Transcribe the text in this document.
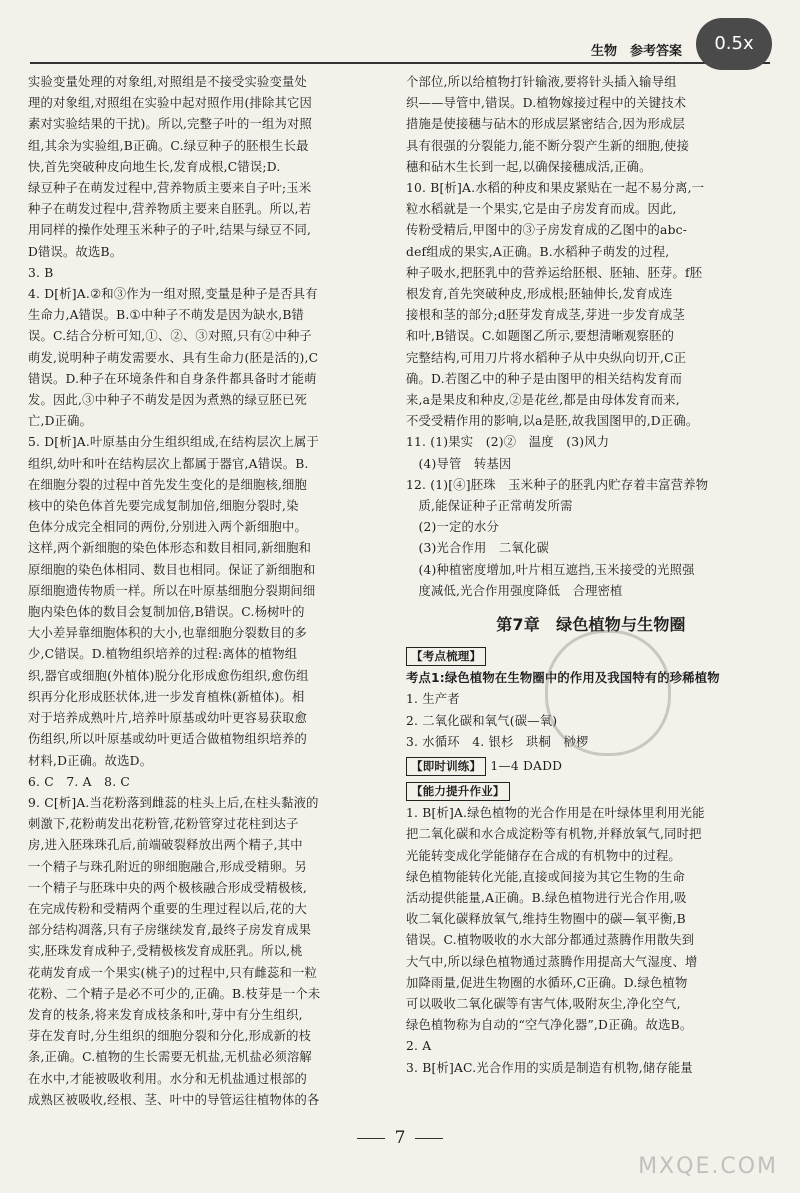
生物　参考答案	0.5x

实验变量处理的对象组,对照组是不接受实验变量处

理的对象组,对照组在实验中起对照作用(排除其它因

素对实验结果的干扰)。所以,完整子叶的一组为对照

组,其余为实验组,B正确。C.绿豆种子的胚根生长最

快,首先突破种皮向地生长,发育成根,C错误;D.

绿豆种子在萌发过程中,营养物质主要来自子叶;玉米

种子在萌发过程中,营养物质主要来自胚乳。所以,若

用同样的操作处理玉米种子的子叶,结果与绿豆不同,

D错误。故选B。

3. B

4. D[析]A.②和③作为一组对照,变量是种子是否具有

生命力,A错误。B.①中种子不萌发是因为缺水,B错

误。C.结合分析可知,①、②、③对照,只有②中种子

萌发,说明种子萌发需要水、具有生命力(胚是活的),C

错误。D.种子在环境条件和自身条件都具备时才能萌

发。因此,③中种子不萌发是因为煮熟的绿豆胚已死

亡,D正确。

5. D[析]A.叶原基由分生组织组成,在结构层次上属于

组织,幼叶和叶在结构层次上都属于器官,A错误。B.

在细胞分裂的过程中首先发生变化的是细胞核,细胞

核中的染色体首先要完成复制加倍,细胞分裂时,染

色体分成完全相同的两份,分别进入两个新细胞中。

这样,两个新细胞的染色体形态和数目相同,新细胞和

原细胞的染色体相同、数目也相同。保证了新细胞和

原细胞遗传物质一样。所以在叶原基细胞分裂期间细

胞内染色体的数目会复制加倍,B错误。C.杨树叶的

大小差异靠细胞体积的大小,也靠细胞分裂数目的多

少,C错误。D.植物组织培养的过程:离体的植物组

织,器官或细胞(外植体)脱分化形成愈伤组织,愈伤组

织再分化形成胚状体,进一步发育植株(新植体)。相

对于培养成熟叶片,培养叶原基或幼叶更容易获取愈

伤组织,所以叶原基或幼叶更适合做植物组织培养的

材料,D正确。故选D。

6. C　7. A　8. C

9. C[析]A.当花粉落到雌蕊的柱头上后,在柱头黏液的

刺激下,花粉萌发出花粉管,花粉管穿过花柱到达子

房,进入胚珠珠孔后,前端破裂释放出两个精子,其中

一个精子与珠孔附近的卵细胞融合,形成受精卵。另

一个精子与胚珠中央的两个极核融合形成受精极核,

在完成传粉和受精两个重要的生理过程以后,花的大

部分结构凋落,只有子房继续发育,最终子房发育成果

实,胚珠发育成种子,受精极核发育成胚乳。所以,桃

花萌发育成一个果实(桃子)的过程中,只有雌蕊和一粒

花粉、二个精子是必不可少的,正确。B.枝芽是一个未

发育的枝条,将来发育成枝条和叶,芽中有分生组织,

芽在发育时,分生组织的细胞分裂和分化,形成新的枝

条,正确。C.植物的生长需要无机盐,无机盐必须溶解

在水中,才能被吸收利用。水分和无机盐通过根部的

成熟区被吸收,经根、茎、叶中的导管运往植物体的各

个部位,所以给植物打针输液,要将针头插入输导组

织——导管中,错误。D.植物嫁接过程中的关键技术

措施是使接穗与砧木的形成层紧密结合,因为形成层

具有很强的分裂能力,能不断分裂产生新的细胞,使接

穗和砧木生长到一起,以确保接穗成活,正确。

10. B[析]A.水稻的种皮和果皮紧贴在一起不易分离,一

粒水稻就是一个果实,它是由子房发育而成。因此,

传粉受精后,甲图中的③子房发育成的乙图中的abc-

def组成的果实,A正确。B.水稻种子萌发的过程,

种子吸水,把胚乳中的营养运给胚根、胚轴、胚芽。f胚

根发育,首先突破种皮,形成根;胚轴伸长,发育成连

接根和茎的部分;d胚芽发育成茎,芽进一步发育成茎

和叶,B错误。C.如题图乙所示,要想清晰观察胚的

完整结构,可用刀片将水稻种子从中央纵向切开,C正

确。D.若图乙中的种子是由图甲的相关结构发育而

来,a是果皮和种皮,②是花丝,都是由母体发育而来,

不受受精作用的影响,以a是胚,故我国图甲的,D正确。

11. (1)果实　(2)②　温度　(3)风力

　(4)导管　转基因

12. (1)[④]胚珠　玉米种子的胚乳内贮存着丰富营养物

　质,能保证种子正常萌发所需

　(2)一定的水分

　(3)光合作用　二氧化碳

　(4)种植密度增加,叶片相互遮挡,玉米接受的光照强

　度减低,光合作用强度降低　合理密植

第7章　绿色植物与生物圈
【考点梳理】

考点1:绿色植物在生物圈中的作用及我国特有的珍稀植物

1. 生产者

2. 二氧化碳和氧气(碳—氧)

3. 水循环　4. 银杉　珙桐　桫椤

【即时训练】 1—4 DADD
【能力提升作业】

1. B[析]A.绿色植物的光合作用是在叶绿体里利用光能

把二氧化碳和水合成淀粉等有机物,并释放氧气,同时把

光能转变成化学能储存在合成的有机物中的过程。

绿色植物能转化光能,直接或间接为其它生物的生命

活动提供能量,A正确。B.绿色植物进行光合作用,吸

收二氧化碳释放氧气,维持生物圈中的碳—氧平衡,B

错误。C.植物吸收的水大部分都通过蒸腾作用散失到

大气中,所以绿色植物通过蒸腾作用提高大气湿度、增

加降雨量,促进生物圈的水循环,C正确。D.绿色植物

可以吸收二氧化碳等有害气体,吸附灰尘,净化空气,

绿色植物称为自动的“空气净化器”,D正确。故选B。

2. A

3. B[析]AC.光合作用的实质是制造有机物,储存能量

7
MXQE.COM
